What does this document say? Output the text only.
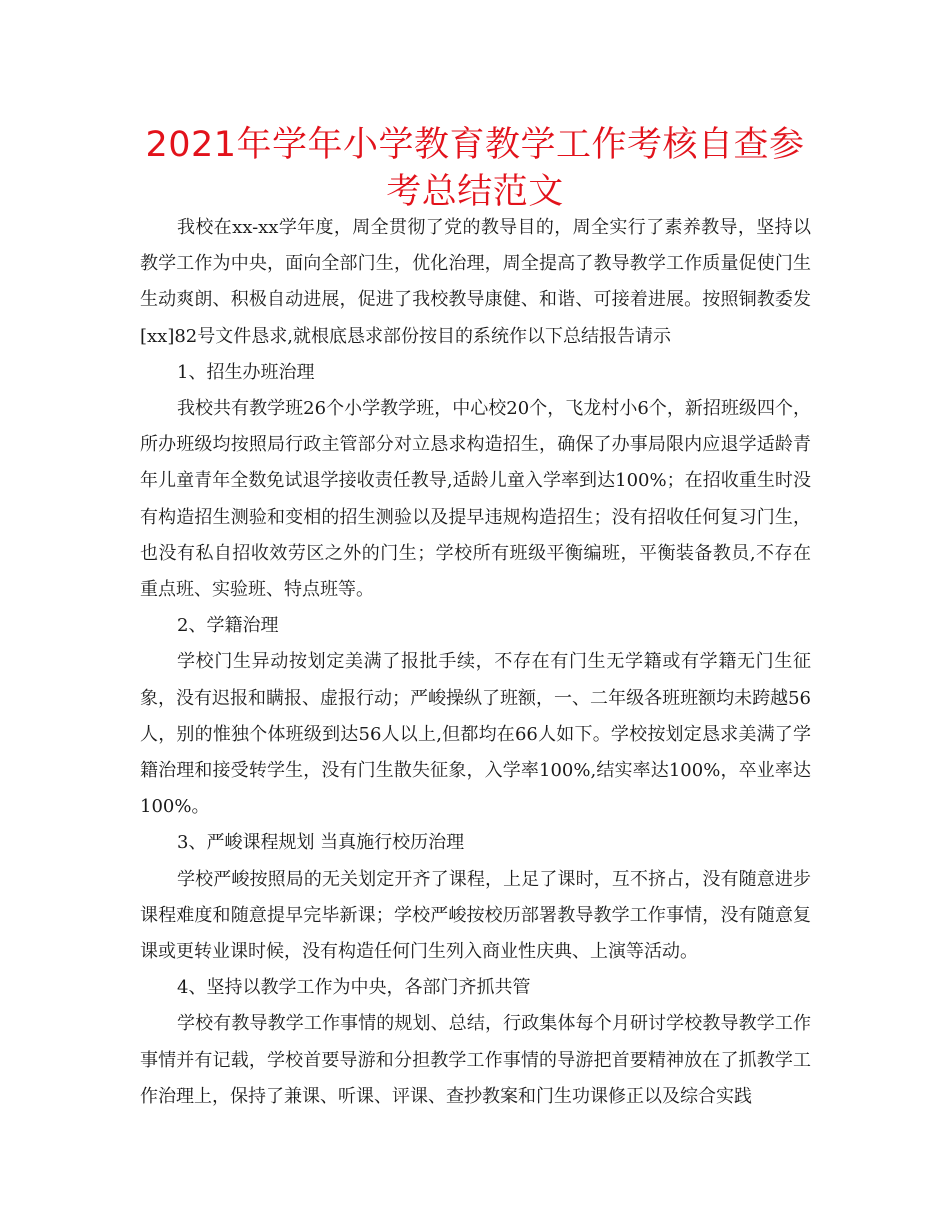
2021年学年小学教育教学工作考核自查参考总结范文

我校在xx-xx学年度，周全贯彻了党的教导目的，周全实行了素养教导，坚持以教学工作为中央，面向全部门生，优化治理，周全提高了教导教学工作质量促使门生生动爽朗、积极自动进展，促进了我校教导康健、和谐、可接着进展。按照铜教委发[xx]82号文件恳求,就根底恳求部份按目的系统作以下总结报告请示

1、招生办班治理

我校共有教学班26个小学教学班，中心校20个，飞龙村小6个，新招班级四个，所办班级均按照局行政主管部分对立恳求构造招生，确保了办事局限内应退学适龄青年儿童青年全数免试退学接收责任教导,适龄儿童入学率到达100%；在招收重生时没有构造招生测验和变相的招生测验以及提早违规构造招生；没有招收任何复习门生，也没有私自招收效劳区之外的门生；学校所有班级平衡编班，平衡装备教员,不存在重点班、实验班、特点班等。

2、学籍治理

学校门生异动按划定美满了报批手续，不存在有门生无学籍或有学籍无门生征象，没有迟报和瞒报、虚报行动；严峻操纵了班额，一、二年级各班班额均未跨越56人，别的惟独个体班级到达56人以上,但都均在66人如下。学校按划定恳求美满了学籍治理和接受转学生，没有门生散失征象，入学率100%,结实率达100%，卒业率达100%。

3、严峻课程规划 当真施行校历治理

学校严峻按照局的无关划定开齐了课程，上足了课时，互不挤占，没有随意进步课程难度和随意提早完毕新课；学校严峻按校历部署教导教学工作事情，没有随意复课或更转业课时候，没有构造任何门生列入商业性庆典、上演等活动。

4、坚持以教学工作为中央，各部门齐抓共管

学校有教导教学工作事情的规划、总结，行政集体每个月研讨学校教导教学工作事情并有记载，学校首要导游和分担教学工作事情的导游把首要精神放在了抓教学工作治理上，保持了兼课、听课、评课、查抄教案和门生功课修正以及综合实践
